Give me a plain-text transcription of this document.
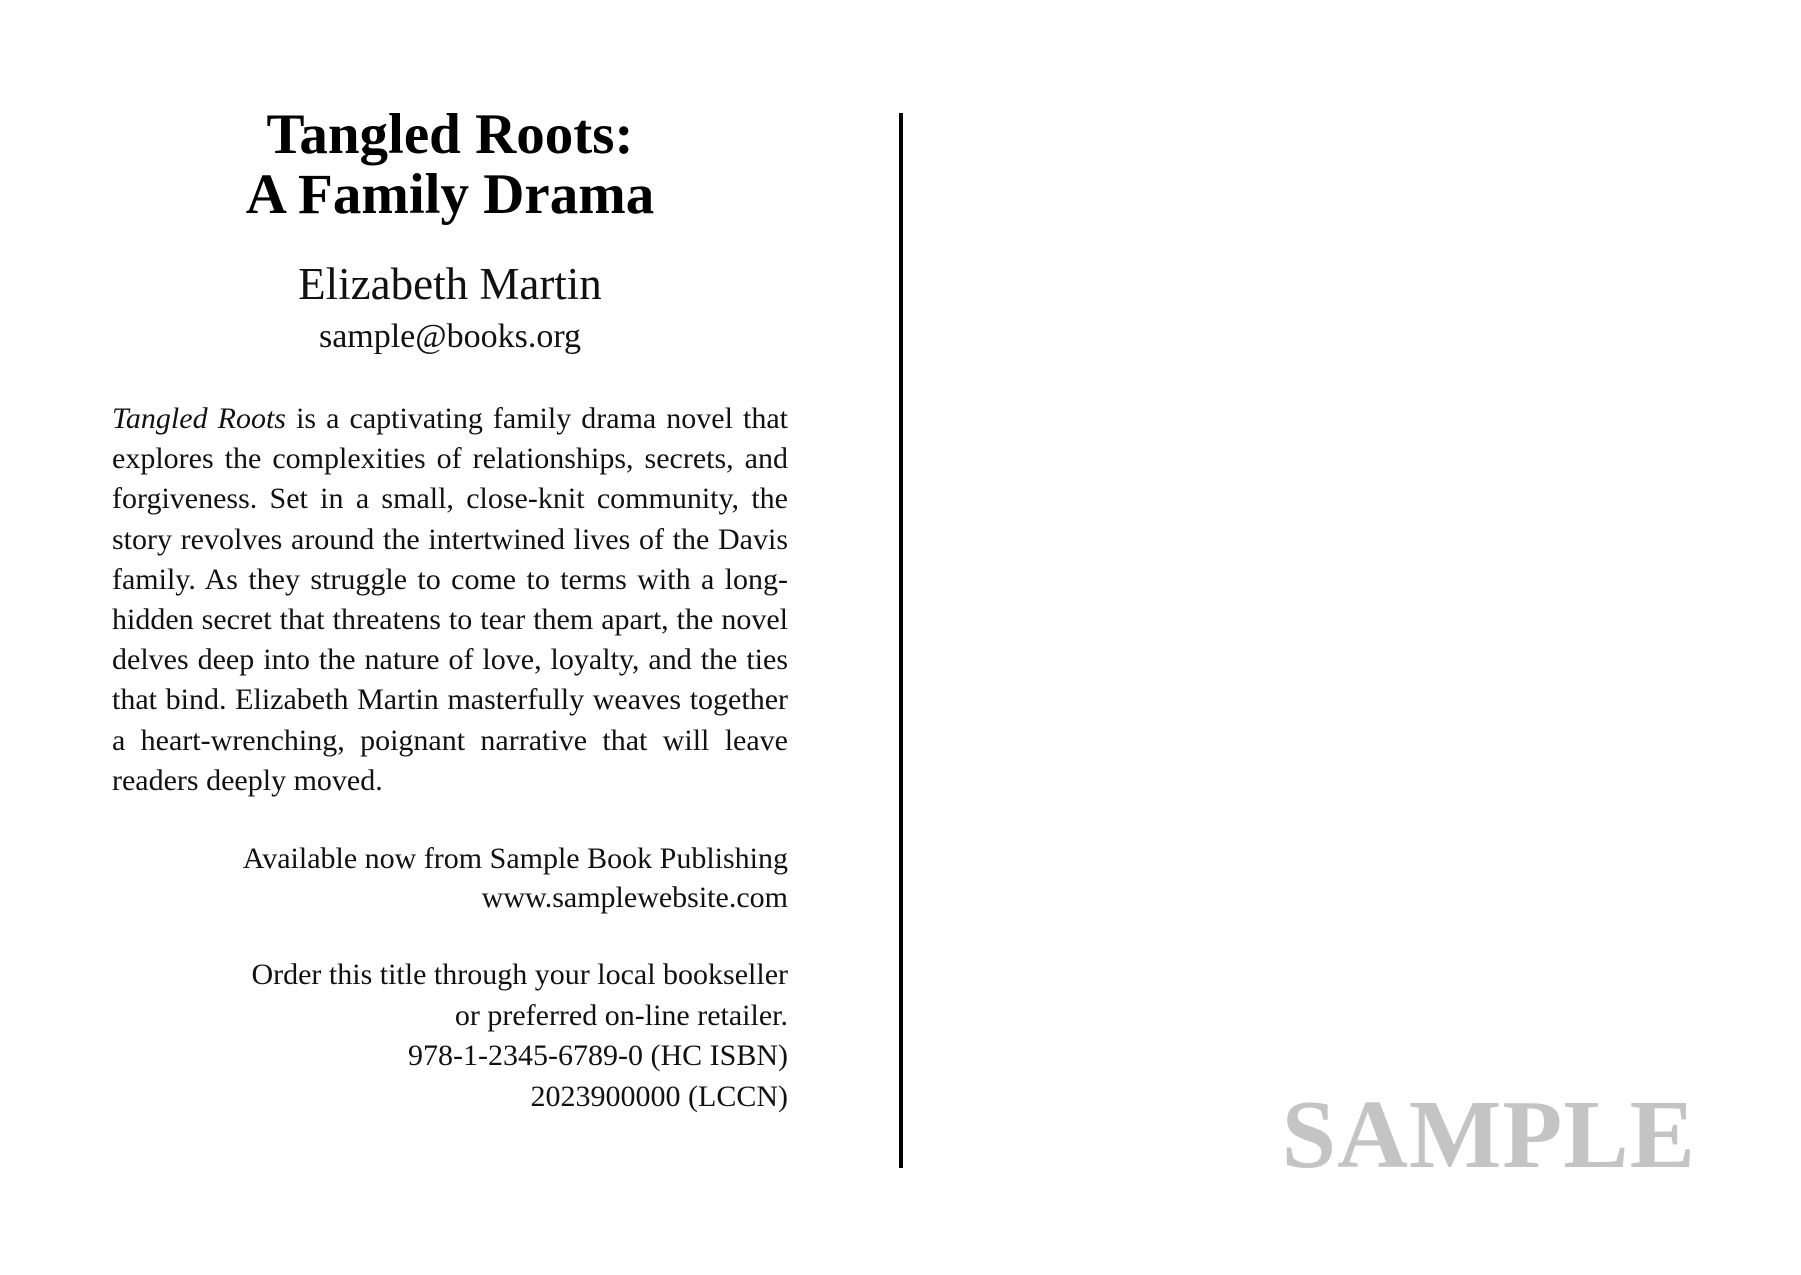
Tangled Roots:
A Family Drama
Elizabeth Martin
sample@books.org

Tangled Roots is a captivating family drama novel that explores the complexities of relationships, secrets, and forgiveness. Set in a small, close-knit community, the story revolves around the intertwined lives of the Davis family. As they struggle to come to terms with a long-hidden secret that threatens to tear them apart, the novel delves deep into the nature of love, loyalty, and the ties that bind. Elizabeth Martin masterfully weaves together a heart-wrenching, poignant narrative that will leave readers deeply moved.

Available now from Sample Book Publishing
www.samplewebsite.com
Order this title through your local bookseller
or preferred on-line retailer.
978-1-2345-6789-0 (HC ISBN)
2023900000 (LCCN)	SAMPLE
